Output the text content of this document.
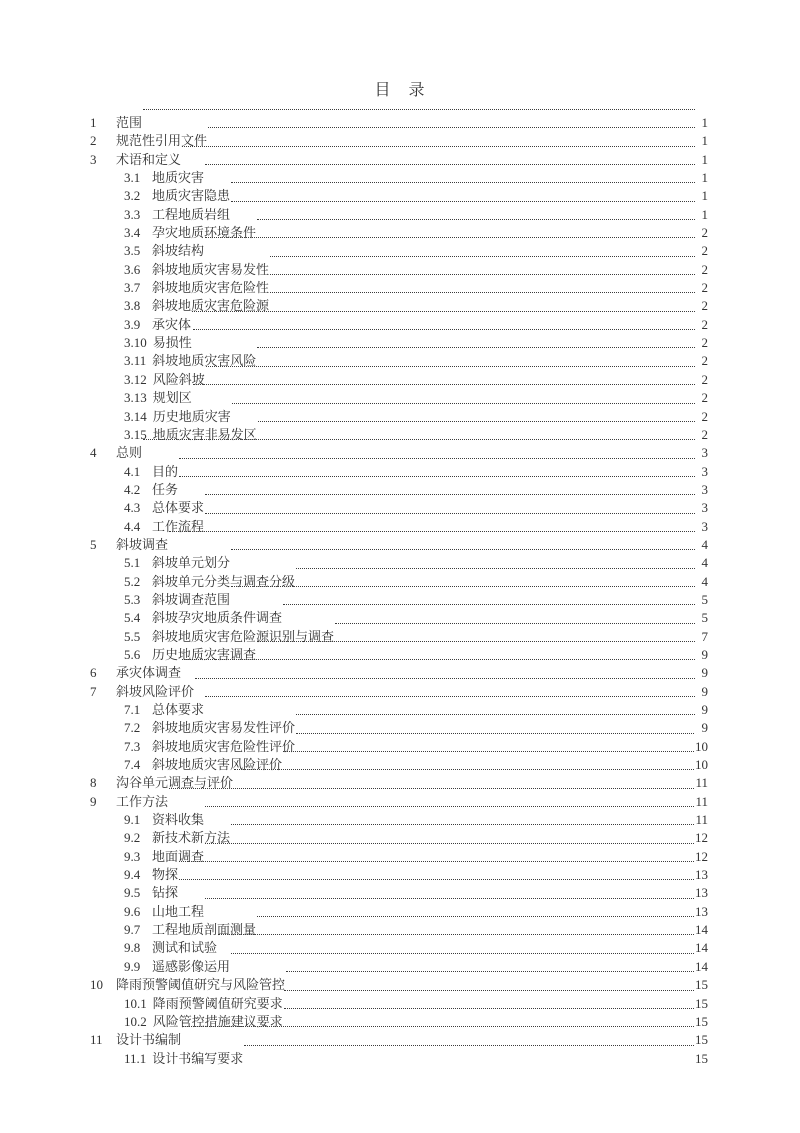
目　录
1	范围	1
2	规范性引用文件	1
3	术语和定义	1
3.1 地质灾害	1
3.2 地质灾害隐患	1
3.3 工程地质岩组	1
3.4 孕灾地质环境条件	2
3.5 斜坡结构	2
3.6 斜坡地质灾害易发性	2
3.7 斜坡地质灾害危险性	2
3.8 斜坡地质灾害危险源	2
3.9 承灾体	2
3.10 易损性	2
3.11 斜坡地质灾害风险	2
3.12 风险斜坡	2
3.13 规划区	2
3.14 历史地质灾害	2
3.15 地质灾害非易发区	2
4	总则	3
4.1 目的	3
4.2 任务	3
4.3 总体要求	3
4.4 工作流程	3
5	斜坡调查	4
5.1 斜坡单元划分	4
5.2 斜坡单元分类与调查分级	4
5.3 斜坡调查范围	5
5.4 斜坡孕灾地质条件调查	5
5.5 斜坡地质灾害危险源识别与调查	7
5.6 历史地质灾害调查	9
6	承灾体调查	9
7	斜坡风险评价	9
7.1 总体要求	9
7.2 斜坡地质灾害易发性评价	9
7.3 斜坡地质灾害危险性评价	10
7.4 斜坡地质灾害风险评价	10
8	沟谷单元调查与评价	11
9	工作方法	11
9.1 资料收集	11
9.2 新技术新方法	12
9.3 地面调查	12
9.4 物探	13
9.5 钻探	13
9.6 山地工程	13
9.7 工程地质剖面测量	14
9.8 测试和试验	14
9.9 遥感影像运用	14
10	降雨预警阈值研究与风险管控	15
10.1 降雨预警阈值研究要求	15
10.2 风险管控措施建议要求	15
11	设计书编制	15
11.1 设计书编写要求	15
